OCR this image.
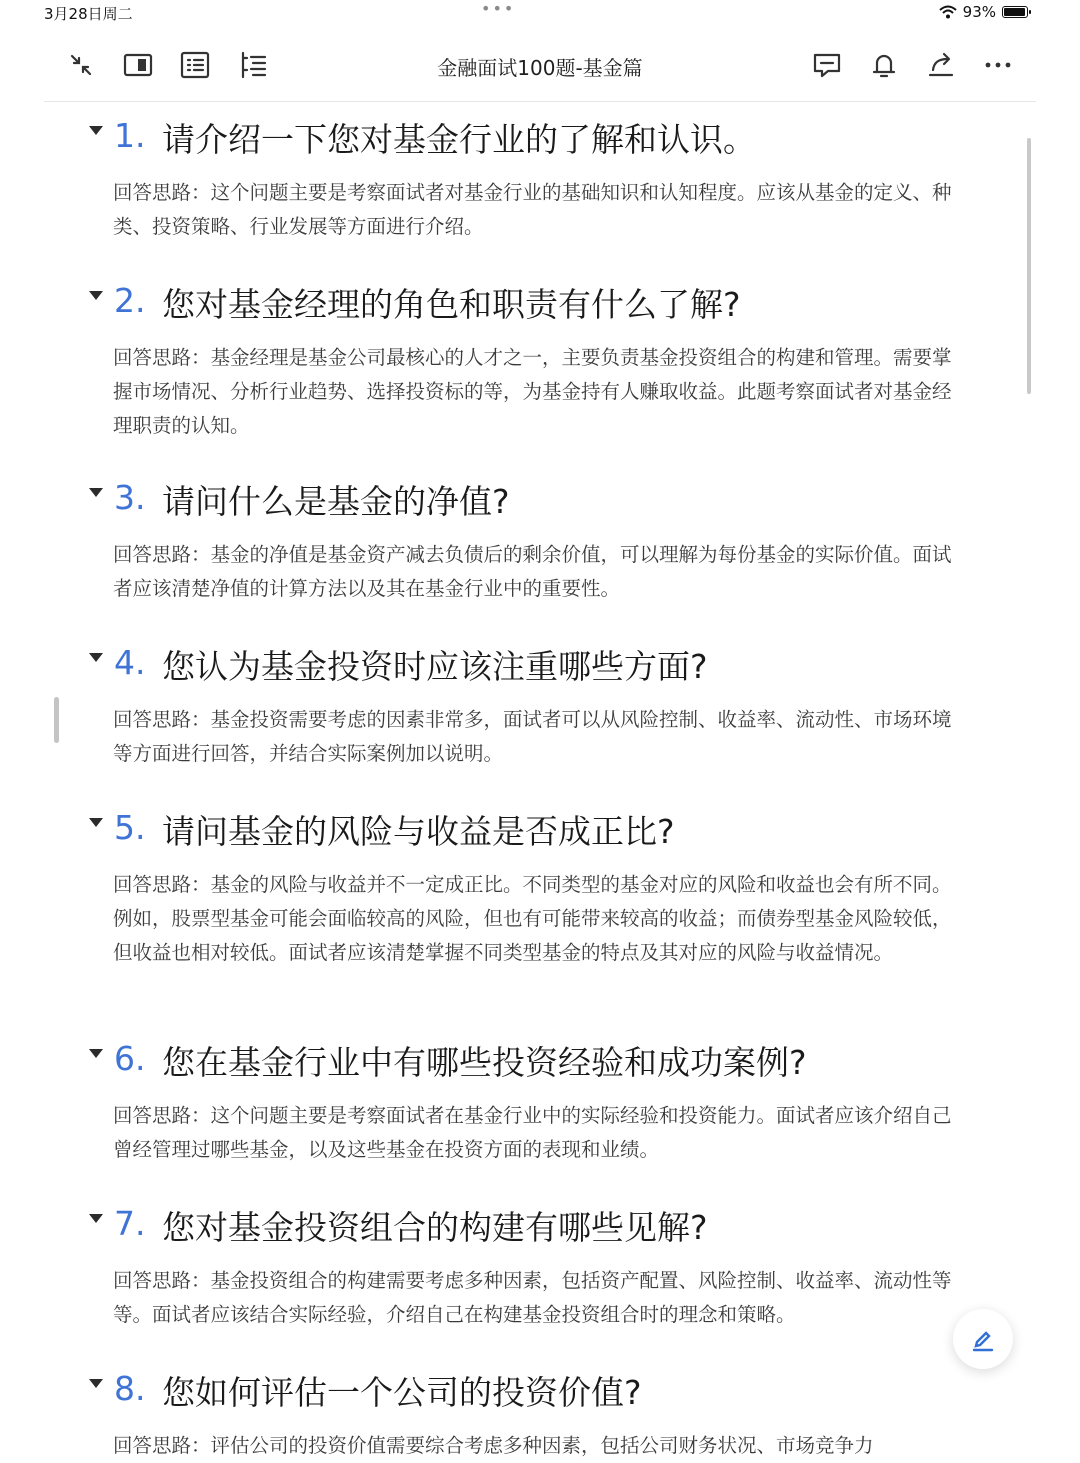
3月28日周二	•••	93%
金融面试100题-基金篇
1. 请介绍一下您对基金行业的了解和认识。
回答思路：这个问题主要是考察面试者对基金行业的基础知识和认知程度。应该从基金的定义、种类、投资策略、行业发展等方面进行介绍。
2. 您对基金经理的角色和职责有什么了解?
回答思路：基金经理是基金公司最核心的人才之一，主要负责基金投资组合的构建和管理。需要掌握市场情况、分析行业趋势、选择投资标的等，为基金持有人赚取收益。此题考察面试者对基金经理职责的认知。
3. 请问什么是基金的净值?
回答思路：基金的净值是基金资产减去负债后的剩余价值，可以理解为每份基金的实际价值。面试者应该清楚净值的计算方法以及其在基金行业中的重要性。
4. 您认为基金投资时应该注重哪些方面?
回答思路：基金投资需要考虑的因素非常多，面试者可以从风险控制、收益率、流动性、市场环境等方面进行回答，并结合实际案例加以说明。
5. 请问基金的风险与收益是否成正比?
回答思路：基金的风险与收益并不一定成正比。不同类型的基金对应的风险和收益也会有所不同。例如，股票型基金可能会面临较高的风险，但也有可能带来较高的收益；而债券型基金风险较低，但收益也相对较低。面试者应该清楚掌握不同类型基金的特点及其对应的风险与收益情况。
6. 您在基金行业中有哪些投资经验和成功案例?
回答思路：这个问题主要是考察面试者在基金行业中的实际经验和投资能力。面试者应该介绍自己曾经管理过哪些基金，以及这些基金在投资方面的表现和业绩。
7. 您对基金投资组合的构建有哪些见解?
回答思路：基金投资组合的构建需要考虑多种因素，包括资产配置、风险控制、收益率、流动性等等。面试者应该结合实际经验，介绍自己在构建基金投资组合时的理念和策略。
8. 您如何评估一个公司的投资价值?
回答思路：评估公司的投资价值需要综合考虑多种因素，包括公司财务状况、市场竞争力
